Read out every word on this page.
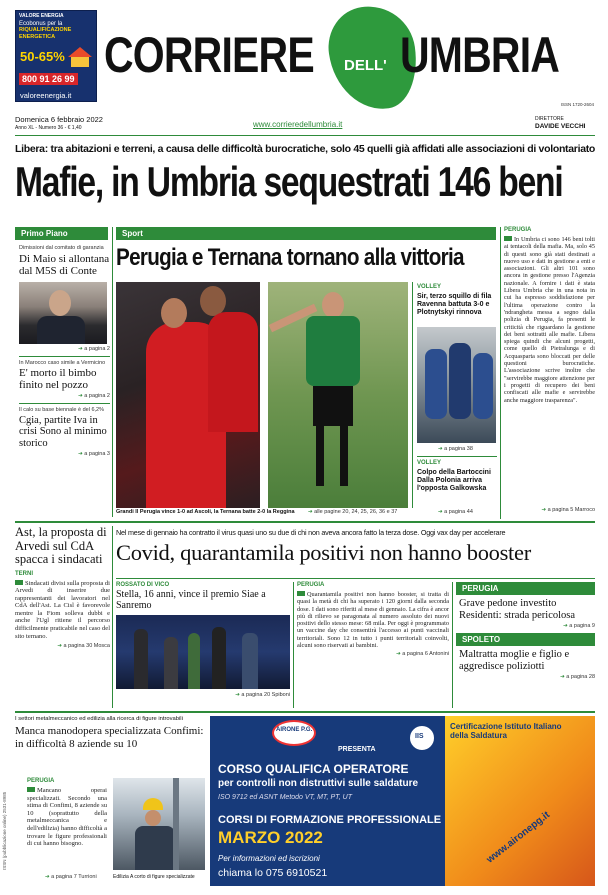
VALORE ENERGIA
Ecobonus per la
RIQUALIFICAZIONE ENERGETICA
50-65%
800 91 26 99
valoreenergia.it
CORRIERE DELL' UMBRIA
ISSN 1720-2604
Domenica 6 febbraio 2022
Anno XL - Numero 36 - € 1,40	www.corrieredellumbria.it
DIRETTORE
DAVIDE VECCHI
Libera: tra abitazioni e terreni, a causa delle difficoltà burocratiche, solo 45 quelli già affidati alle associazioni di volontariato
Mafie, in Umbria sequestrati 146 beni
Primo Piano
Dimissioni dal comitato di garanzia
Di Maio si allontana dal M5S di Conte
➔ a pagina 2
In Marocco caso simile a Vermicino
E' morto il bimbo finito nel pozzo
➔ a pagina 2
Il calo su base biennale è del 6,2%
Cgia, partite Iva in crisi Sono al minimo storico
➔ a pagina 3
Sport
Perugia e Ternana tornano alla vittoria
Grandi Il Perugia vince 1-0 ad Ascoli, la Ternana batte 2-0 la Reggina
➔	alle pagine 20, 24, 25, 26, 36 e 37
VOLLEY
Sir, terzo squillo di fila Ravenna battuta 3-0 e Plotnytskyi rinnova
➔ a pagina 38
VOLLEY
Colpo della Bartoccini Dalla Polonia arriva l'opposta Galkowska
➔ a pagina 44
PERUGIA
In Umbria ci sono 146 beni tolti ai tentacoli della mafia. Ma, solo 45 di questi sono già stati destinati a nuovo uso e dati in gestione a enti e associazioni. Gli altri 101 sono ancora in gestione presso l'Agenzia nazionale. A fornire i dati è stata Libera Umbria che in una nota in cui ha espresso soddisfazione per l'ultima operazione contro la 'ndrangheta messa a segno dalla polizia di Perugia, fa presenti le criticità che riguardano la gestione dei beni sottratti alle mafie. Libera spiega quindi che alcuni progetti, come quello di Pietralunga e di Acquasparta sono bloccati per delle questioni burocratiche. L'associazione scrive inoltre che "servirebbe maggiore attenzione per i progetti di recupero dei beni confiscati alle mafie e servirebbe anche maggiore trasparenza".
➔ a pagina 5 Marroco
Ast, la proposta di Arvedi sul CdA spacca i sindacati
TERNI
Sindacati divisi sulla proposta di Arvedi di inserire due rappresentanti dei lavoratori nel CdA dell'Ast. La Cisl è favorevole mentre la Fiom solleva dubbi e anche l'Ugl ritiene il percorso difficilmente praticabile nel caso del sito ternano.
➔ a pagina 30 Mosca
Nel mese di gennaio ha contratto il virus quasi uno su due di chi non aveva ancora fatto la terza dose. Oggi vax day per accelerare
Covid, quarantamila positivi non hanno booster
ROSSATO DI VICO
Stella, 16 anni, vince il premio Siae a Sanremo
➔ a pagina 20 Spiboni
PERUGIA
Quarantamila positivi non hanno booster, si tratta di quasi la metà di chi ha superato i 120 giorni dalla seconda dose. I dati sono riferiti al mese di gennaio. La cifra è ancor più di rilievo se paragonata al numero assoluto dei nuovi positivi dello stesso mese: 68 mila. Per oggi è programmato un vaccine day che consentirà l'accesso ai punti vaccinali territoriali. Sono 12 in tutto i punti territoriali coinvolti, alcuni sono riservati ai bambini.
➔ a pagina 6 Antonini
PERUGIA
Grave pedone investito Residenti: strada pericolosa
➔ a pagina 9
SPOLETO
Maltratta moglie e figlio e aggredisce poliziotti
➔ a pagina 28
I settori metalmeccanico ed edilizia alla ricerca di figure introvabili
Manca manodopera specializzata Confimi: in difficoltà 8 aziende su 10
PERUGIA
Mancano operai specializzati. Secondo una stima di Confimi, 8 aziende su 10 (soprattutto della metalmeccanica e dell'edilizia) hanno difficoltà a trovare le figure professionali di cui hanno bisogno.
➔ a pagina 7 Turrioni	Edilizia A corto di figure specializzate
ISSN (pubblicazione online) 2531-8985
AIRONE P.G.
PRESENTA
IIS
Certificazione Istituto Italiano della Saldatura
CORSO QUALIFICA OPERATORE
per controlli non distruttivi sulle saldature
ISO 9712 ed ASNT Metodo VT, MT, PT, UT
CORSI DI FORMAZIONE PROFESSIONALE
MARZO 2022
Per informazioni ed iscrizioni
chiama lo 075 6910521
www.aironepg.it
